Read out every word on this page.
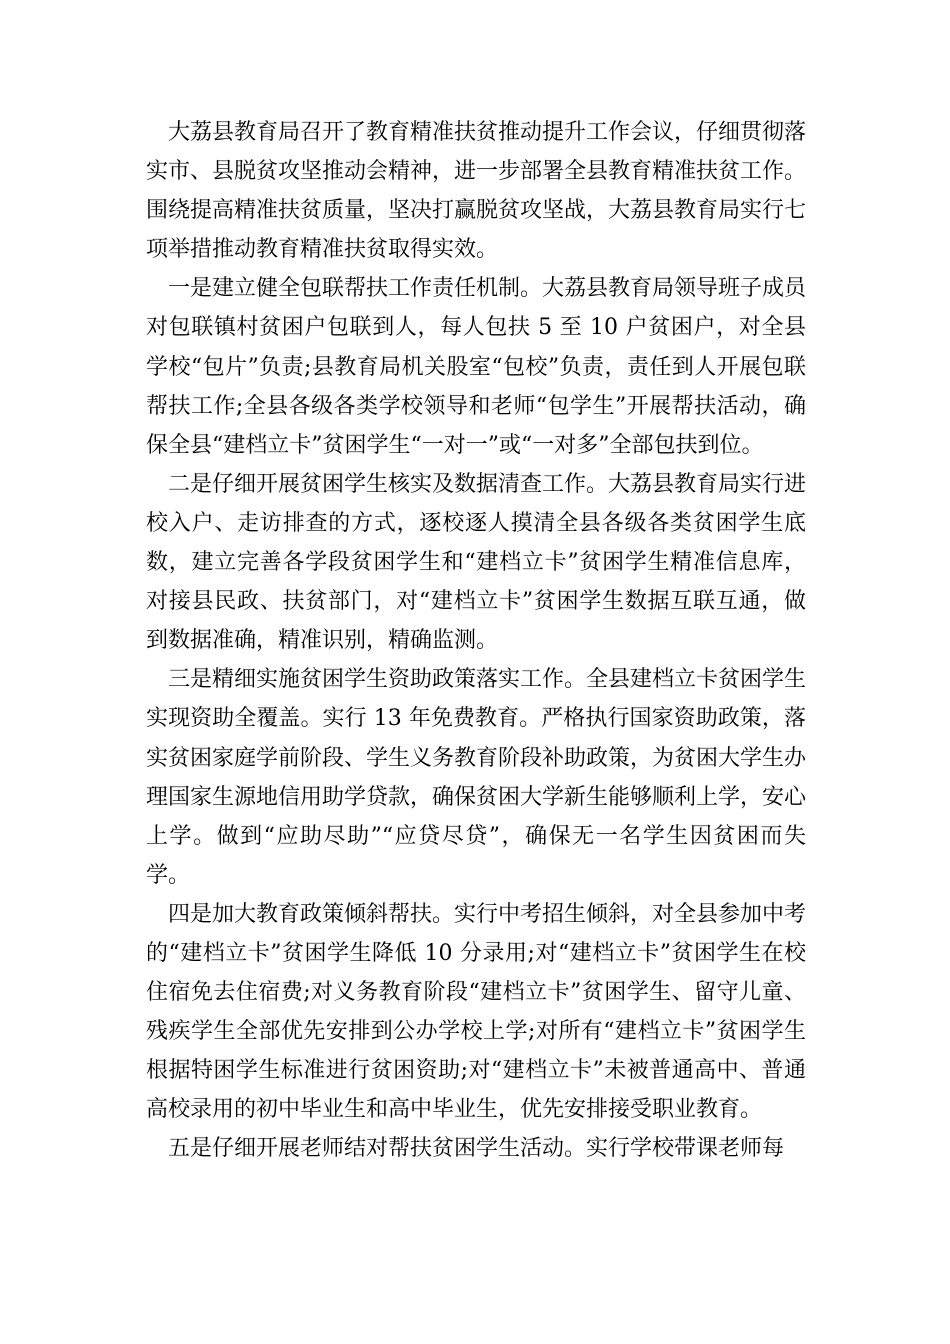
大荔县教育局召开了教育精准扶贫推动提升工作会议，仔细贯彻落实市、县脱贫攻坚推动会精神，进一步部署全县教育精准扶贫工作。围绕提高精准扶贫质量，坚决打赢脱贫攻坚战，大荔县教育局实行七项举措推动教育精准扶贫取得实效。

一是建立健全包联帮扶工作责任机制。大荔县教育局领导班子成员对包联镇村贫困户包联到人，每人包扶 5 至 10 户贫困户，对全县学校“包片”负责;县教育局机关股室“包校”负责，责任到人开展包联帮扶工作;全县各级各类学校领导和老师“包学生”开展帮扶活动，确保全县“建档立卡”贫困学生“一对一”或“一对多”全部包扶到位。

二是仔细开展贫困学生核实及数据清查工作。大荔县教育局实行进校入户、走访排查的方式，逐校逐人摸清全县各级各类贫困学生底数，建立完善各学段贫困学生和“建档立卡”贫困学生精准信息库，对接县民政、扶贫部门，对“建档立卡”贫困学生数据互联互通，做到数据准确，精准识别，精确监测。

三是精细实施贫困学生资助政策落实工作。全县建档立卡贫困学生实现资助全覆盖。实行 13 年免费教育。严格执行国家资助政策，落实贫困家庭学前阶段、学生义务教育阶段补助政策，为贫困大学生办理国家生源地信用助学贷款，确保贫困大学新生能够顺利上学，安心上学。做到“应助尽助”“应贷尽贷”，确保无一名学生因贫困而失学。

四是加大教育政策倾斜帮扶。实行中考招生倾斜，对全县参加中考的“建档立卡”贫困学生降低 10 分录用;对“建档立卡”贫困学生在校住宿免去住宿费;对义务教育阶段“建档立卡”贫困学生、留守儿童、残疾学生全部优先安排到公办学校上学;对所有“建档立卡”贫困学生根据特困学生标准进行贫困资助;对“建档立卡”未被普通高中、普通高校录用的初中毕业生和高中毕业生，优先安排接受职业教育。

五是仔细开展老师结对帮扶贫困学生活动。实行学校带课老师每
